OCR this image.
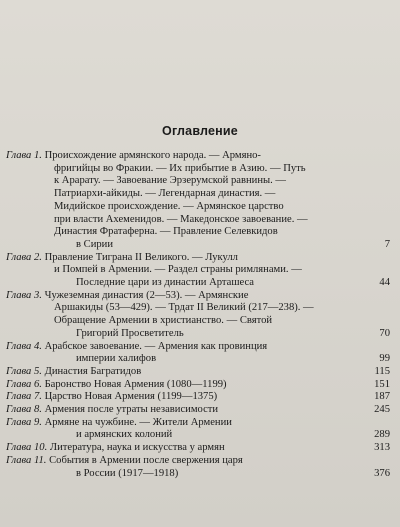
Оглавление
Глава 1. Происхождение армянского народа. — Армяно-
фригийцы во Фракии. — Их прибытие в Азию. — Путь
к Арарату. — Завоевание Эрзерумской равнины. —
Патриархи-айкиды. — Легендарная династия. —
Мидийское происхождение. — Армянское царство
при власти Ахеменидов. — Македонское завоевание. —
Династия Фратаферна. — Правление Селевкидов
в Сирии	7
Глава 2. Правление Тиграна II Великого. — Лукулл
и Помпей в Армении. — Раздел страны римлянами. —
Последние цари из династии Арташеса	44
Глава 3. Чужеземная династия (2—53). — Армянские
Аршакиды (53—429). — Трдат II Великий (217—238). —
Обращение Армении в христианство. — Святой
Григорий Просветитель	70
Глава 4. Арабское завоевание. — Армения как провинция
империи халифов	99
Глава 5. Династия Багратидов	115
Глава 6. Баронство Новая Армения (1080—1199)	151
Глава 7. Царство Новая Армения (1199—1375)	187
Глава 8. Армения после утраты независимости	245
Глава 9. Армяне на чужбине. — Жители Армении
и армянских колоний	289
Глава 10. Литература, наука и искусства у армян	313
Глава 11. События в Армении после свержения царя
в России (1917—1918)	376
